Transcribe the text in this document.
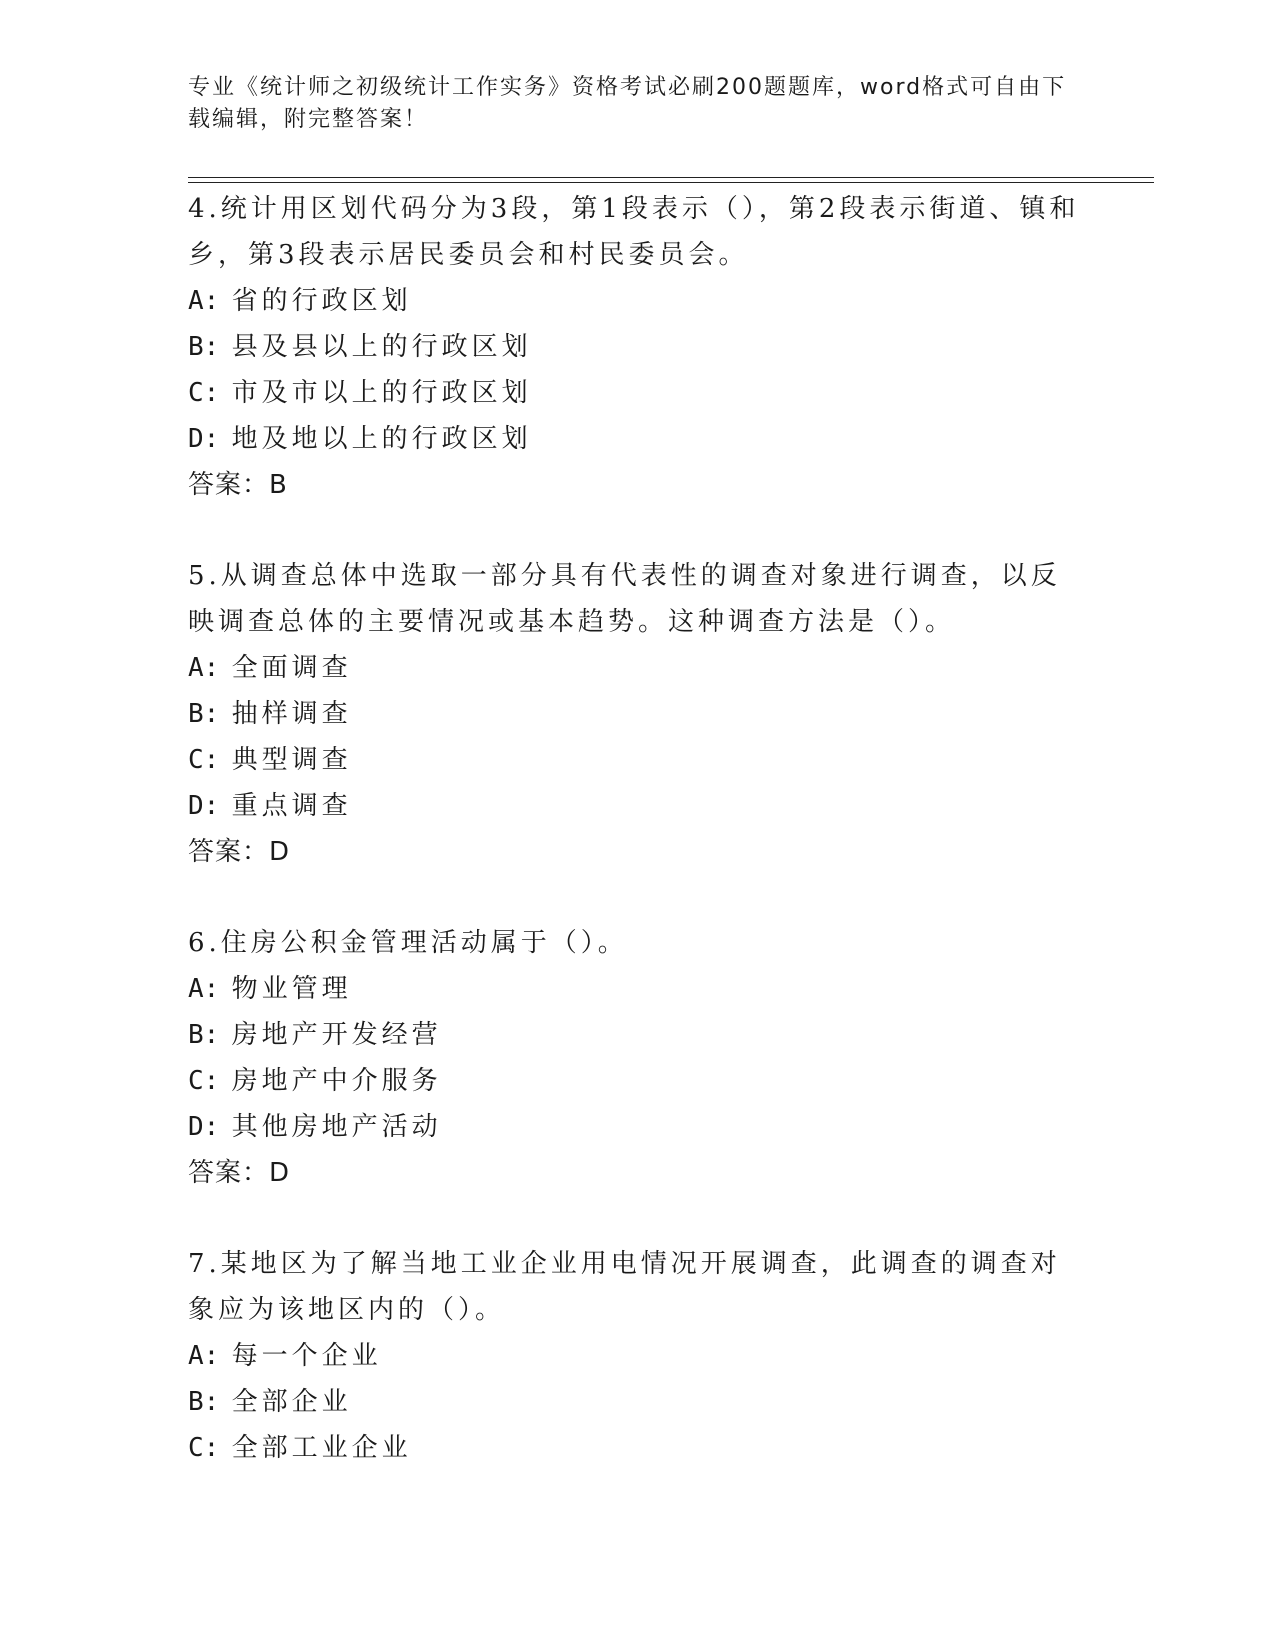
专业《统计师之初级统计工作实务》资格考试必刷200题题库，word格式可自由下载编辑，附完整答案！

4.统计用区划代码分为3段，第1段表示（），第2段表示街道、镇和乡，第3段表示居民委员会和村民委员会。

A: 省的行政区划

B: 县及县以上的行政区划

C: 市及市以上的行政区划

D: 地及地以上的行政区划

答案：B

5.从调查总体中选取一部分具有代表性的调查对象进行调查，以反映调查总体的主要情况或基本趋势。这种调查方法是（）。

A: 全面调查

B: 抽样调查

C: 典型调查

D: 重点调查

答案：D

6.住房公积金管理活动属于（）。

A: 物业管理

B: 房地产开发经营

C: 房地产中介服务

D: 其他房地产活动

答案：D

7.某地区为了解当地工业企业用电情况开展调查，此调查的调查对象应为该地区内的（）。

A: 每一个企业

B: 全部企业

C: 全部工业企业
